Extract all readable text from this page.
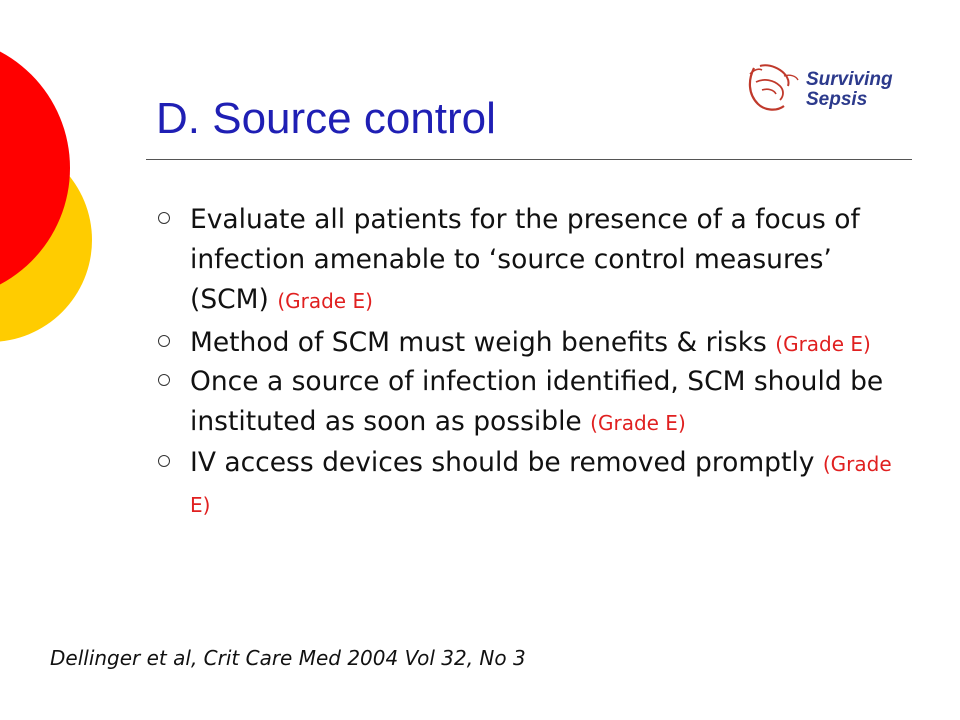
Surviving
Sepsis
D. Source control
Evaluate all patients for the presence of a focus of infection amenable to ‘source control measures’ (SCM) (Grade E)
Method of SCM must weigh benefits & risks (Grade E)
Once a source of infection identified, SCM should be instituted as soon as possible (Grade E)
IV access devices should be removed promptly (Grade E)
Dellinger et al, Crit Care Med 2004 Vol 32, No 3
